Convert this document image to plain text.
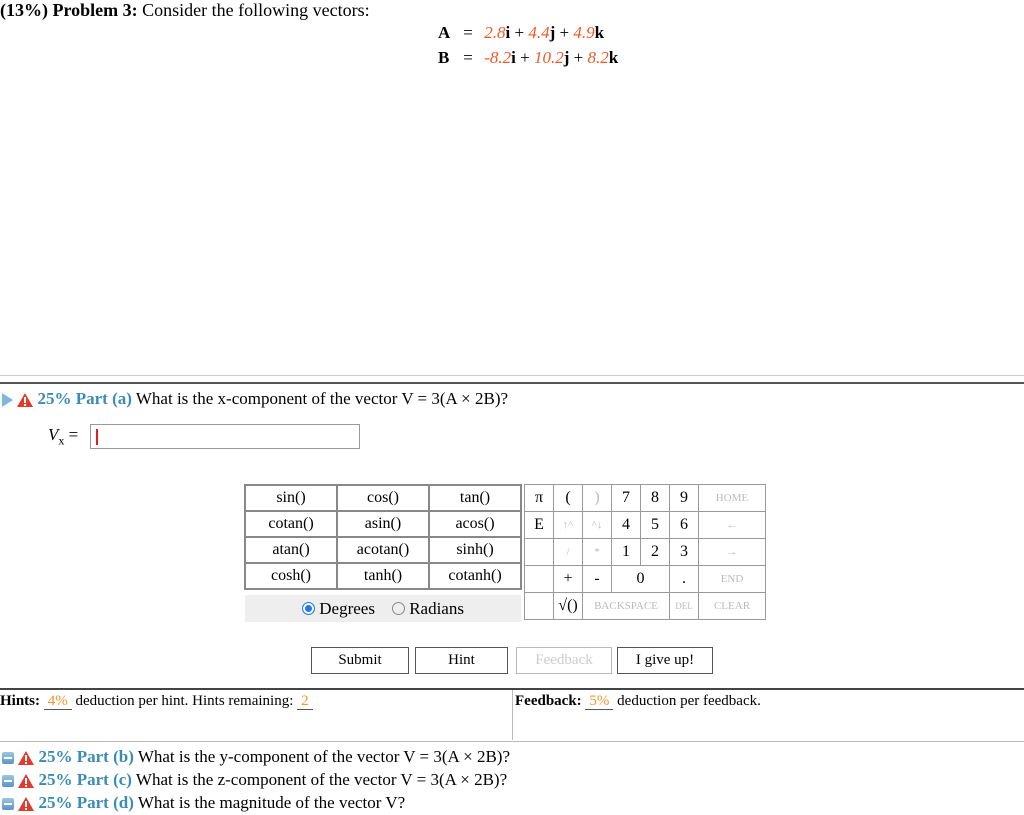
(13%) Problem 3: Consider the following vectors:
A = 2.8i + 4.4j + 4.9k
B = -8.2i + 10.2j + 8.2k
25% Part (a) What is the x-component of the vector V = 3(A × 2B)?
$V_x$ =
sin()	cos()	tan()
cotan()	asin()	acos()
atan()	acotan()	sinh()
cosh()	tanh()	cotanh()
Degrees Radians
π	(	)	7	8	9	HOME
E	↑^	^↓	4	5	6	←
	/	*	1	2	3	→
	+	-	0		.	END
	√()	BACKSPACE			DEL	CLEAR
Submit	Hint	Feedback	I give up!
Hints: 4% deduction per hint. Hints remaining: 2	Feedback: 5% deduction per feedback.
25% Part (b) What is the y-component of the vector V = 3(A × 2B)?
25% Part (c) What is the z-component of the vector V = 3(A × 2B)?
25% Part (d) What is the magnitude of the vector V?
